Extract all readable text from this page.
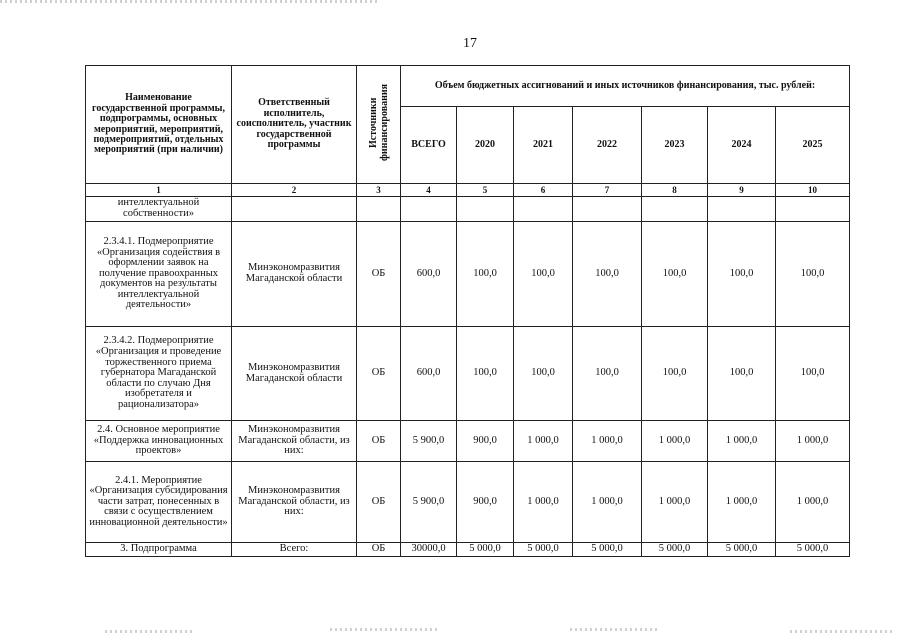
17
Наименование государственной программы, подпрограммы, основных мероприятий, мероприятий, подмероприятий, отдельных мероприятий (при наличии)	Ответственный исполнитель, соисполнитель, участник государственной программы	Источники финансирования	Объем бюджетных ассигнований и иных источников финансирования, тыс. рублей:						
			ВСЕГО	2020	2021	2022	2023	2024	2025
1	2	3	4	5	6	7	8	9	10
интеллектуальной собственности»									
2.3.4.1. Подмероприятие «Организация содействия в оформлении заявок на получение правоохранных документов на результаты интеллектуальной деятельности»	Минэкономразвития Магаданской области	ОБ	600,0	100,0	100,0	100,0	100,0	100,0	100,0
2.3.4.2. Подмероприятие «Организация и проведение торжественного приема губернатора Магаданской области по случаю Дня изобретателя и рационализатора»	Минэкономразвития Магаданской области	ОБ	600,0	100,0	100,0	100,0	100,0	100,0	100,0
2.4. Основное мероприятие «Поддержка инновационных проектов»	Минэкономразвития Магаданской области, из них:	ОБ	5 900,0	900,0	1 000,0	1 000,0	1 000,0	1 000,0	1 000,0
2.4.1. Мероприятие «Организация субсидирования части затрат, понесенных в связи с осуществлением инновационной деятельности»	Минэкономразвития Магаданской области, из них:	ОБ	5 900,0	900,0	1 000,0	1 000,0	1 000,0	1 000,0	1 000,0
3. Подпрограмма	Всего:	ОБ	30000,0	5 000,0	5 000,0	5 000,0	5 000,0	5 000,0	5 000,0
